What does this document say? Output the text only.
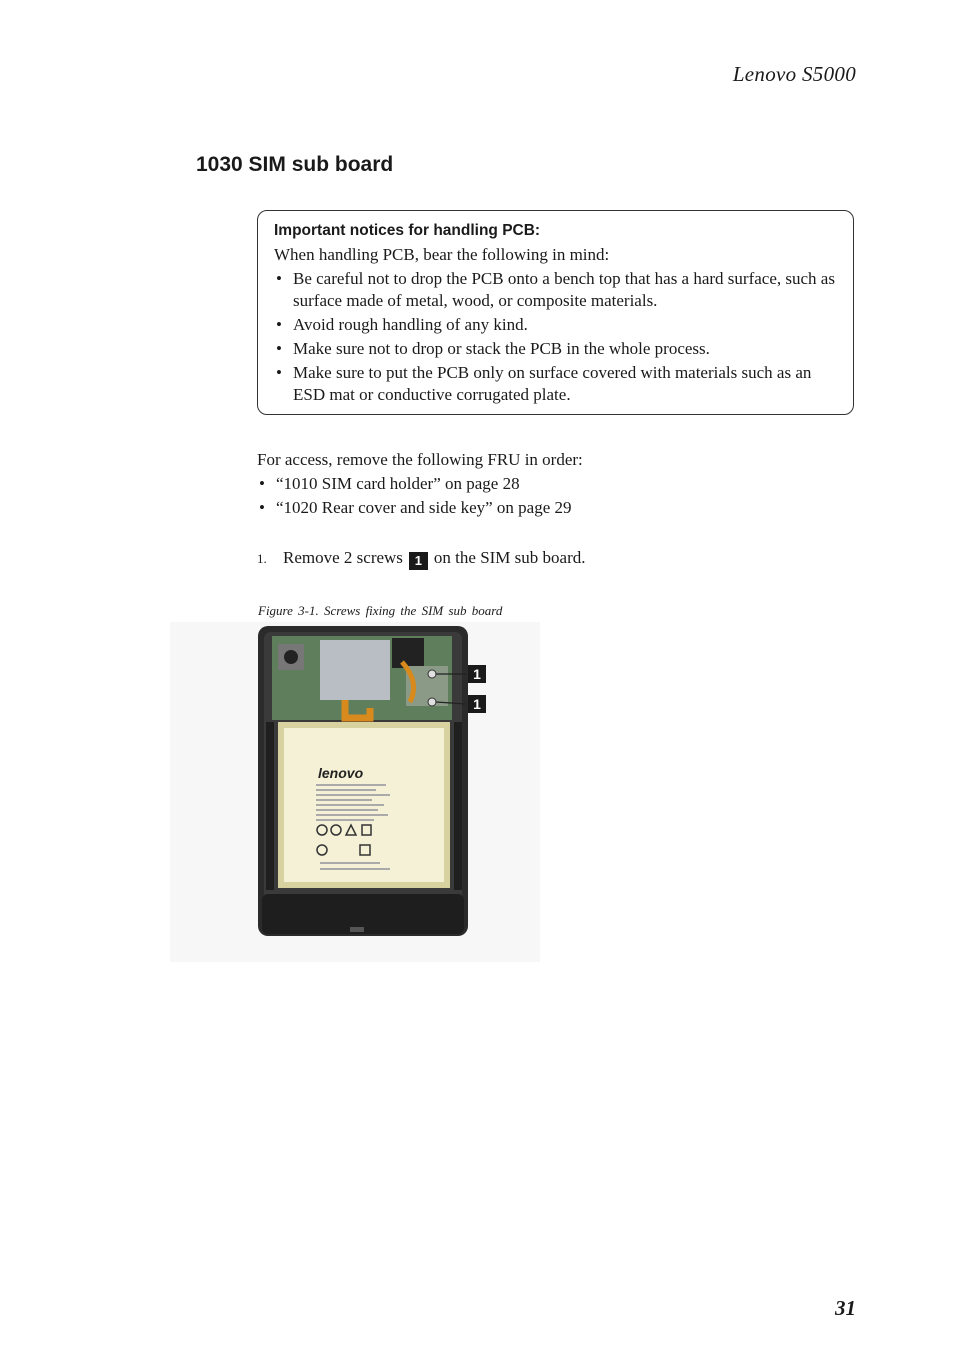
Lenovo S5000
1030 SIM sub board

Important notices for handling PCB:

When handling PCB, bear the following in mind:

• Be careful not to drop the PCB onto a bench top that has a hard surface, such as surface made of metal, wood, or composite materials.
• Avoid rough handling of any kind.
• Make sure not to drop or stack the PCB in the whole process.
• Make sure to put the PCB only on surface covered with materials such as an ESD mat or conductive corrugated plate.

For access, remove the following FRU in order:

• “1010 SIM card holder” on page 28
• “1020 Rear cover and side key” on page 29
1. Remove 2 screws 1 on the SIM sub board.
Figure 3-1. Screws fixing the SIM sub board
1
1
lenovo
31
